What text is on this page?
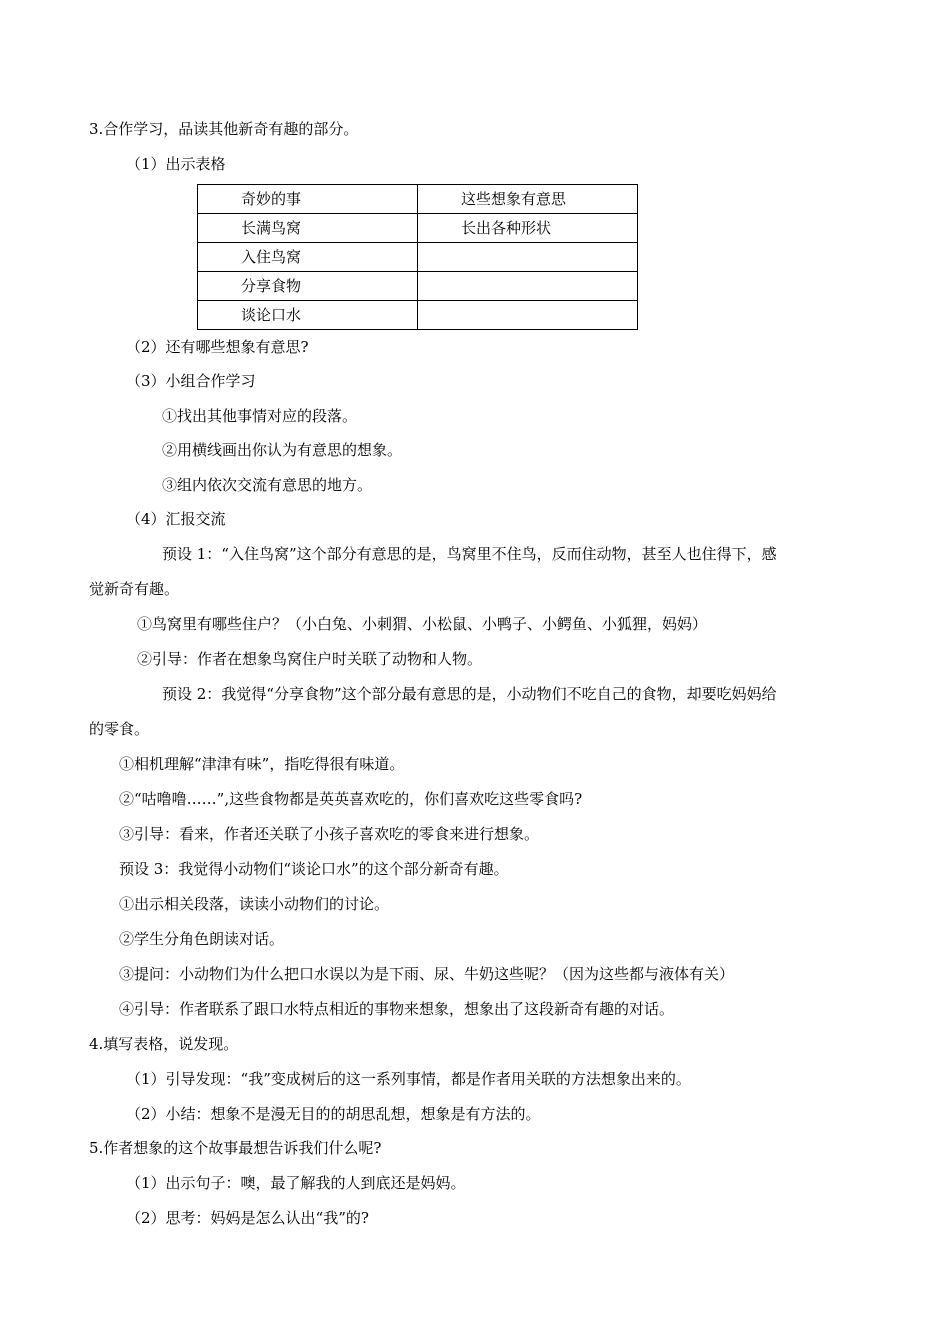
3.合作学习，品读其他新奇有趣的部分。
（1）出示表格
奇妙的事	这些想象有意思
长满鸟窝	长出各种形状
入住鸟窝	
分享食物	
谈论口水	
（2）还有哪些想象有意思?
（3）小组合作学习
①找出其他事情对应的段落。
②用横线画出你认为有意思的想象。
③组内依次交流有意思的地方。
（4）汇报交流
预设 1：“入住鸟窝”这个部分有意思的是，鸟窝里不住鸟，反而住动物，甚至人也住得下，感
觉新奇有趣。
①鸟窝里有哪些住户？（小白兔、小刺猬、小松鼠、小鸭子、小鳄鱼、小狐狸，妈妈）
②引导：作者在想象鸟窝住户时关联了动物和人物。
预设 2：我觉得“分享食物”这个部分最有意思的是，小动物们不吃自己的食物，却要吃妈妈给
的零食。
①相机理解“津津有味”，指吃得很有味道。
②“咕噜噜……”,这些食物都是英英喜欢吃的，你们喜欢吃这些零食吗?
③引导：看来，作者还关联了小孩子喜欢吃的零食来进行想象。
预设 3：我觉得小动物们“谈论口水”的这个部分新奇有趣。
①出示相关段落，读读小动物们的讨论。
②学生分角色朗读对话。
③提问：小动物们为什么把口水误以为是下雨、尿、牛奶这些呢？（因为这些都与液体有关）
④引导：作者联系了跟口水特点相近的事物来想象，想象出了这段新奇有趣的对话。
4.填写表格，说发现。
（1）引导发现：“我”变成树后的这一系列事情，都是作者用关联的方法想象出来的。
（2）小结：想象不是漫无目的的胡思乱想，想象是有方法的。
5.作者想象的这个故事最想告诉我们什么呢?
（1）出示句子：噢，最了解我的人到底还是妈妈。
（2）思考：妈妈是怎么认出“我”的?
